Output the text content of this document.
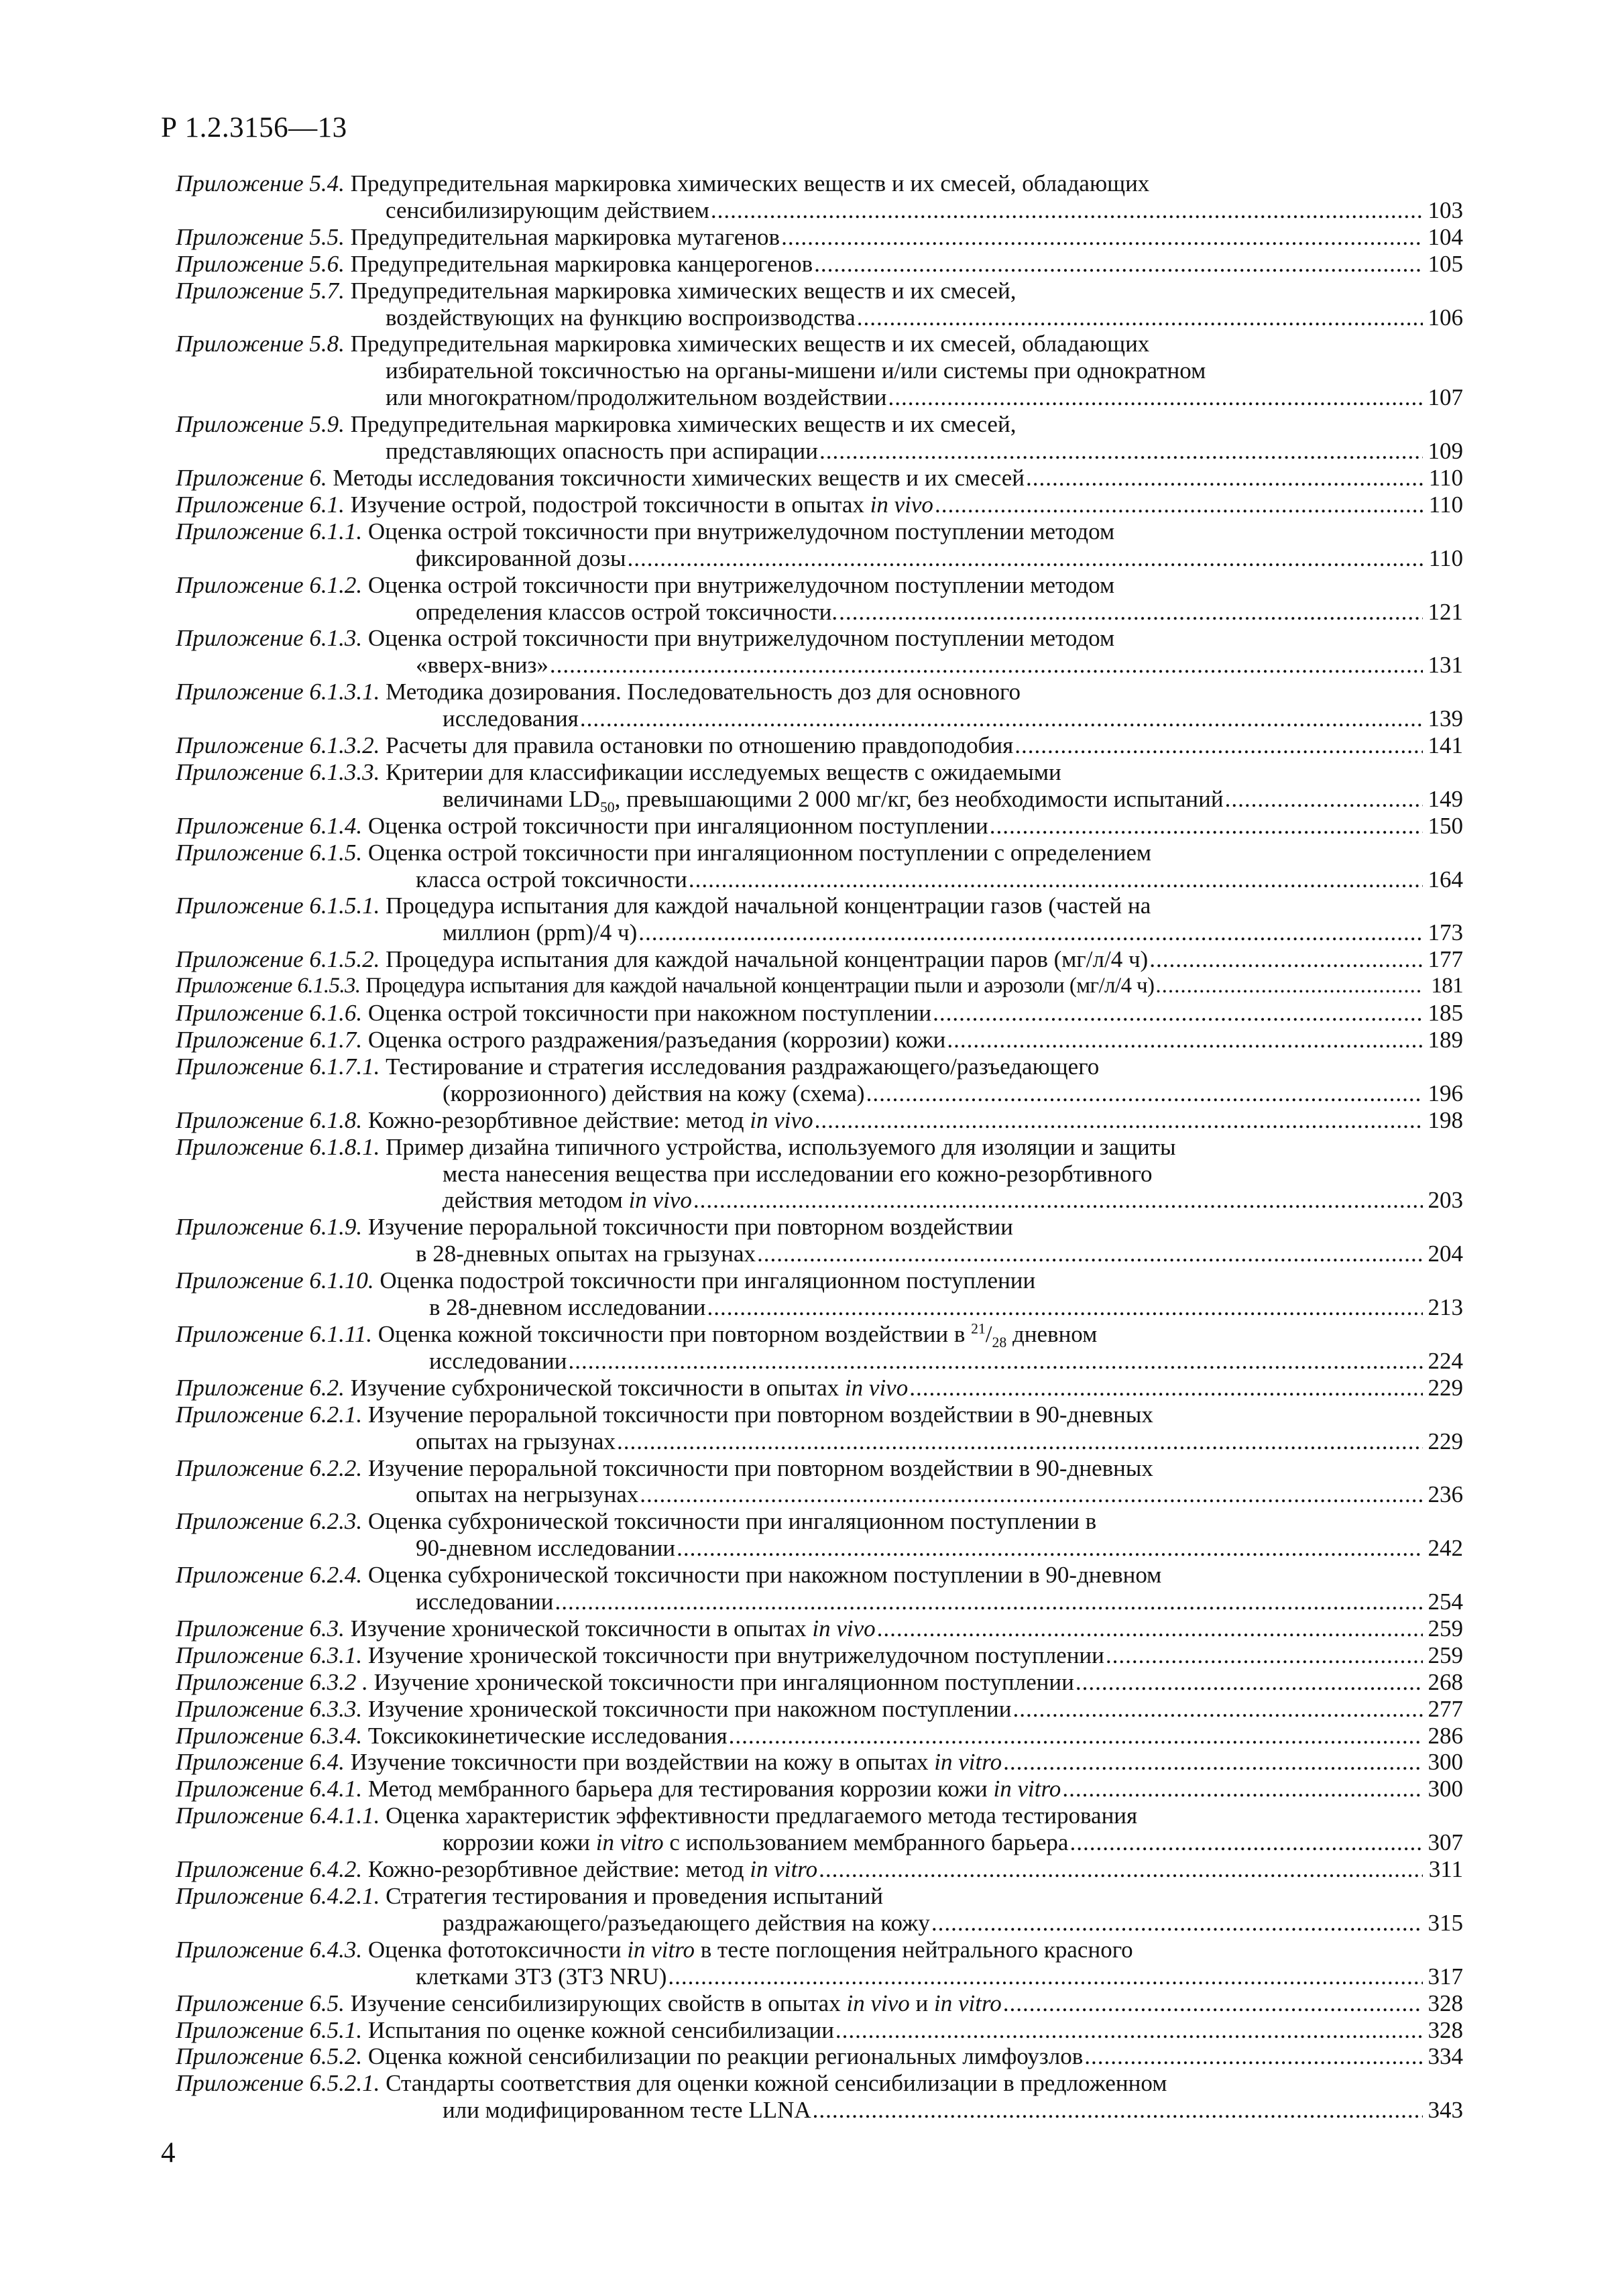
Р 1.2.3156—13
Приложение 5.4. Предупредительная маркировка химических веществ и их смесей, обладающих
сенсибилизирующим действием .....	103
Приложение 5.5. Предупредительная маркировка мутагенов .....	104
Приложение 5.6. Предупредительная маркировка канцерогенов .....	105
Приложение 5.7. Предупредительная маркировка химических веществ и их смесей,
воздействующих на функцию воспроизводства .....	106
Приложение 5.8. Предупредительная маркировка химических веществ и их смесей, обладающих
избирательной токсичностью на органы-мишени и/или системы при однократном
или многократном/продолжительном воздействии .....	107
Приложение 5.9. Предупредительная маркировка химических веществ и их смесей,
представляющих опасность при аспирации .....	109
Приложение 6. Методы исследования токсичности химических веществ и их смесей .....	110
Приложение 6.1. Изучение острой, подострой токсичности в опытах in vivo .....	110
Приложение 6.1.1. Оценка острой токсичности при внутрижелудочном поступлении методом
фиксированной дозы .....	110
Приложение 6.1.2. Оценка острой токсичности при внутрижелудочном поступлении методом
определения классов острой токсичности. .....	121
Приложение 6.1.3. Оценка острой токсичности при внутрижелудочном поступлении методом
«вверх-вниз» .....	131
Приложение 6.1.3.1. Методика дозирования. Последовательность доз для основного
исследования .....	139
Приложение 6.1.3.2. Расчеты для правила остановки по отношению правдоподобия .....	141
Приложение 6.1.3.3. Критерии для классификации исследуемых веществ с ожидаемыми
величинами $LD_{50}$, превышающими 2 000 мг/кг, без необходимости испытаний .....	149
Приложение 6.1.4. Оценка острой токсичности при ингаляционном поступлении .....	150
Приложение 6.1.5. Оценка острой токсичности при ингаляционном поступлении с определением
класса острой токсичности .....	164
Приложение 6.1.5.1. Процедура испытания для каждой начальной концентрации газов (частей на
миллион (ppm)/4 ч) .....	173
Приложение 6.1.5.2. Процедура испытания для каждой начальной концентрации паров (мг/л/4 ч) .....	177
Приложение 6.1.5.3. Процедура испытания для каждой начальной концентрации пыли и аэрозоли (мг/л/4 ч) .....	181
Приложение 6.1.6. Оценка острой токсичности при накожном поступлении .....	185
Приложение 6.1.7. Оценка острого раздражения/разъедания (коррозии) кожи .....	189
Приложение 6.1.7.1. Тестирование и стратегия исследования раздражающего/разъедающего
(коррозионного) действия на кожу (схема) .....	196
Приложение 6.1.8. Кожно-резорбтивное действие: метод in vivo .....	198
Приложение 6.1.8.1. Пример дизайна типичного устройства, используемого для изоляции и защиты
места нанесения вещества при исследовании его кожно-резорбтивного
действия методом in vivo .....	203
Приложение 6.1.9. Изучение пероральной токсичности при повторном воздействии
в 28-дневных опытах на грызунах .....	204
Приложение 6.1.10. Оценка подострой токсичности при ингаляционном поступлении
в 28-дневном исследовании .....	213
Приложение 6.1.11. Оценка кожной токсичности при повторном воздействии в $^{21}/_{28}$ дневном
исследовании .....	224
Приложение 6.2. Изучение субхронической токсичности в опытах in vivo .....	229
Приложение 6.2.1. Изучение пероральной токсичности при повторном воздействии в 90-дневных
опытах на грызунах .....	229
Приложение 6.2.2. Изучение пероральной токсичности при повторном воздействии в 90-дневных
опытах на негрызунах .....	236
Приложение 6.2.3. Оценка субхронической токсичности при ингаляционном поступлении в
90-дневном исследовании .....	242
Приложение 6.2.4. Оценка субхронической токсичности при накожном поступлении в 90-дневном
исследовании .....	254
Приложение 6.3. Изучение хронической токсичности в опытах in vivo .....	259
Приложение 6.3.1. Изучение хронической токсичности при внутрижелудочном поступлении .....	259
Приложение 6.3.2 . Изучение хронической токсичности при ингаляционном поступлении .....	268
Приложение 6.3.3. Изучение хронической токсичности при накожном поступлении .....	277
Приложение 6.3.4. Токсикокинетические исследования .....	286
Приложение 6.4. Изучение токсичности при воздействии на кожу в опытах in vitro .....	300
Приложение 6.4.1. Метод мембранного барьера для тестирования коррозии кожи in vitro .....	300
Приложение 6.4.1.1. Оценка характеристик эффективности предлагаемого метода тестирования
коррозии кожи in vitro с использованием мембранного барьера .....	307
Приложение 6.4.2. Кожно-резорбтивное действие: метод in vitro .....	311
Приложение 6.4.2.1. Стратегия тестирования и проведения испытаний
раздражающего/разъедающего действия на кожу .....	315
Приложение 6.4.3. Оценка фототоксичности in vitro в тесте поглощения нейтрального красного
клетками 3T3 (3T3 NRU) .....	317
Приложение 6.5. Изучение сенсибилизирующих свойств в опытах in vivo и in vitro .....	328
Приложение 6.5.1. Испытания по оценке кожной сенсибилизации .....	328
Приложение 6.5.2. Оценка кожной сенсибилизации по реакции региональных лимфоузлов .....	334
Приложение 6.5.2.1. Стандарты соответствия для оценки кожной сенсибилизации в предложенном
или модифицированном тесте LLNA .....	343
4
